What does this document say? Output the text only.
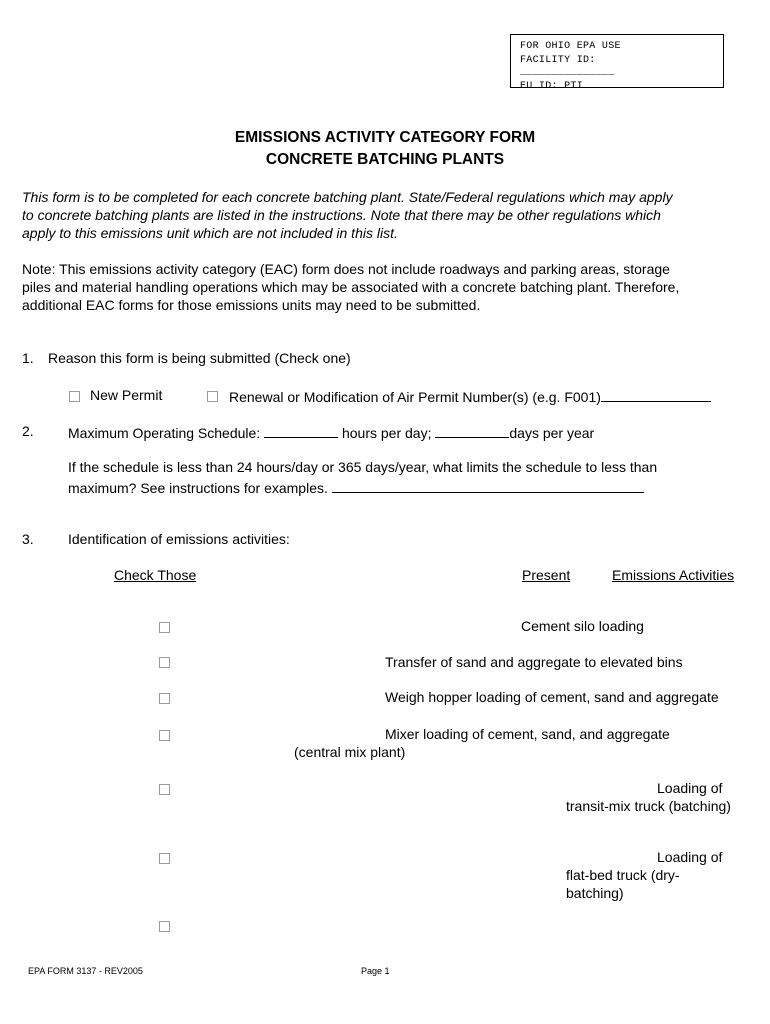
FOR OHIO EPA USE
FACILITY ID:
_______________
EU ID: PTI
EMISSIONS ACTIVITY CATEGORY FORM
CONCRETE BATCHING PLANTS
This form is to be completed for each concrete batching plant. State/Federal regulations which may apply
to concrete batching plants are listed in the instructions. Note that there may be other regulations which
apply to this emissions unit which are not included in this list.
Note: This emissions activity category (EAC) form does not include roadways and parking areas, storage
piles and material handling operations which may be associated with a concrete batching plant. Therefore,
additional EAC forms for those emissions units may need to be submitted.
1. Reason this form is being submitted (Check one)
New Permit	Renewal or Modification of Air Permit Number(s) (e.g. F001)
2. Maximum Operating Schedule:	hours per day;	days per year
If the schedule is less than 24 hours/day or 365 days/year, what limits the schedule to less than
maximum? See instructions for examples.
3. Identification of emissions activities:
Check Those	Present	Emissions Activities
Cement silo loading
Transfer of sand and aggregate to elevated bins
Weigh hopper loading of cement, sand and aggregate
Mixer loading of cement, sand, and aggregate
(central mix plant)
Loading of
transit-mix truck (batching)
Loading of
flat-bed truck (dry-
batching)
EPA FORM 3137 - REV2005	Page 1
